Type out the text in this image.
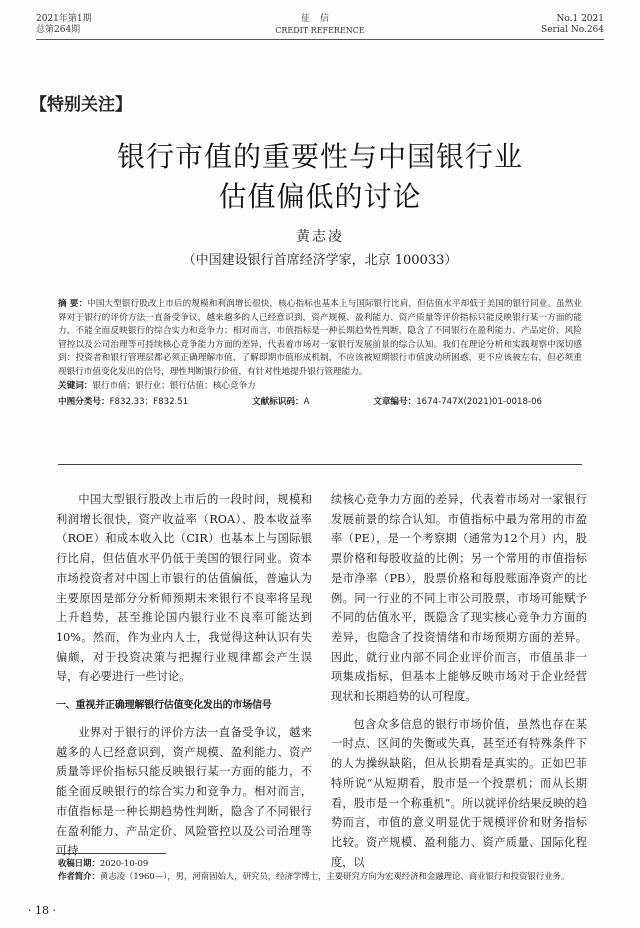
2021年第1期
总第264期
征信
CREDIT REFERENCE
No.1 2021
Serial No.264
【特别关注】
银行市值的重要性与中国银行业
估值偏低的讨论
黄志凌
（中国建设银行首席经济学家，北京 100033）
摘 要：中国大型银行股改上市后的规模和利润增长很快，核心指标也基本上与国际银行比肩，但估值水平却低于美国的银行同业。虽然业界对于银行的评价方法一直备受争议，越来越多的人已经意识到，资产规模、盈利能力、资产质量等评价指标只能反映银行某一方面的能力，不能全面反映银行的综合实力和竞争力；相对而言，市值指标是一种长期趋势性判断，隐含了不同银行在盈利能力、产品定价、风险管控以及公司治理等可持续核心竞争能力方面的差异，代表着市场对一家银行发展前景的综合认知。我们在理论分析和实践观察中深切感到：投资者和银行管理层都必须正确理解市值，了解即期市值形成机制，不应该被短期银行市值波动所困惑，更不应该被左右，但必须重视银行市值变化发出的信号，理性判断银行价值，有针对性地提升银行管理能力。
关键词：银行市值；银行业；银行估值；核心竞争力
中图分类号：F832.33；F832.51	文献标识码：A	文章编号：1674-747X(2021)01-0018-06

中国大型银行股改上市后的一段时间，规模和利润增长很快，资产收益率（ROA）、股本收益率（ROE）和成本收入比（CIR）也基本上与国际银行比肩，但估值水平仍低于美国的银行同业。资本市场投资者对中国上市银行的估值偏低，普遍认为主要原因是部分分析师预期未来银行不良率将呈现上升趋势，甚至推论国内银行业不良率可能达到10%。然而，作为业内人士，我觉得这种认识有失偏颇，对于投资决策与把握行业规律都会产生误导，有必要进行一些讨论。

一、重视并正确理解银行估值变化发出的市场信号

业界对于银行的评价方法一直备受争议，越来越多的人已经意识到，资产规模、盈利能力、资产质量等评价指标只能反映银行某一方面的能力，不能全面反映银行的综合实力和竞争力。相对而言，市值指标是一种长期趋势性判断，隐含了不同银行在盈利能力、产品定价、风险管控以及公司治理等可持

续核心竞争力方面的差异，代表着市场对一家银行发展前景的综合认知。市值指标中最为常用的市盈率（PE），是一个考察期（通常为12个月）内，股票价格和每股收益的比例；另一个常用的市值指标是市净率（PB），股票价格和每股账面净资产的比例。同一行业的不同上市公司股票，市场可能赋予不同的估值水平，既隐含了现实核心竞争力方面的差异，也隐含了投资情绪和市场预期方面的差异。因此，就行业内部不同企业评价而言，市值虽非一项集成指标，但基本上能够反映市场对于企业经营现状和长期趋势的认可程度。

包含众多信息的银行市场价值，虽然也存在某一时点、区间的失衡或失真，甚至还有特殊条件下的人为操纵缺陷，但从长期看是真实的。正如巴菲特所说“从短期看，股市是一个投票机；而从长期看，股市是一个称重机”。所以就评价结果反映的趋势而言，市值的意义明显优于规模评价和财务指标比较。资产规模、盈利能力、资产质量、国际化程度，以

收稿日期：2020-10-09
作者简介：黄志凌（1960—），男，河南固始人，研究员，经济学博士，主要研究方向为宏观经济和金融理论、商业银行和投资银行业务。
· 18 ·
